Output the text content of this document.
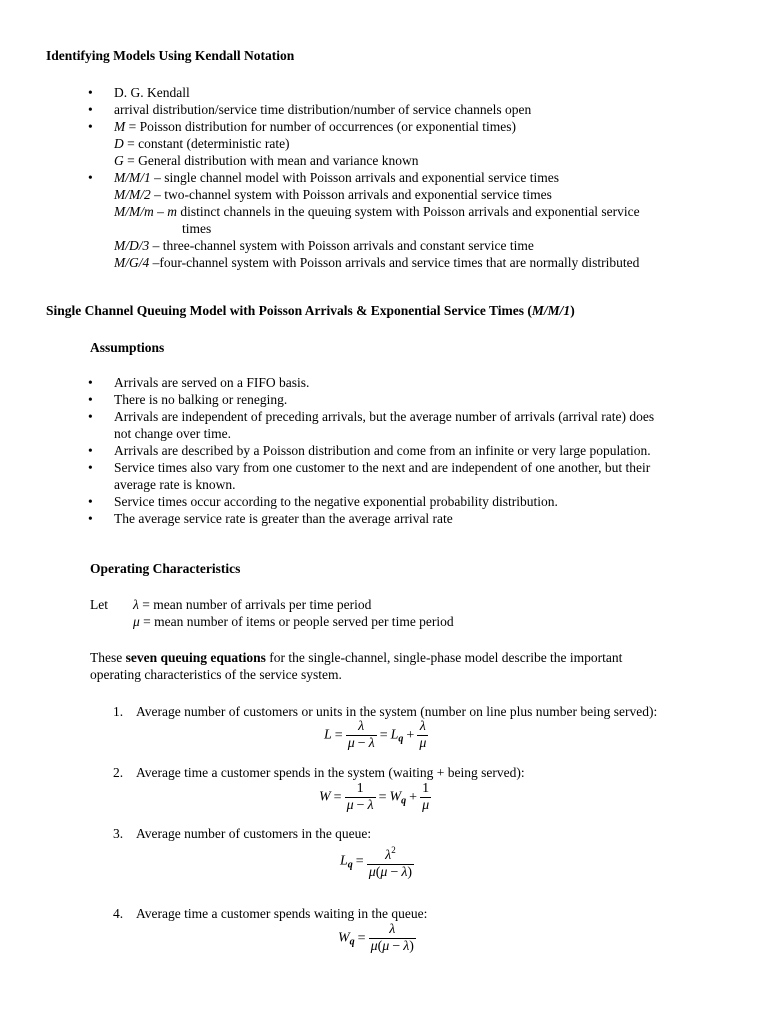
Identifying Models Using Kendall Notation
• D. G. Kendall
• arrival distribution/service time distribution/number of service channels open
• M = Poisson distribution for number of occurrences (or exponential times)
D = constant (deterministic rate)
G = General distribution with mean and variance known
• M/M/1 – single channel model with Poisson arrivals and exponential service times
M/M/2 – two-channel system with Poisson arrivals and exponential service times
M/M/m – m distinct channels in the queuing system with Poisson arrivals and exponential service
times
M/D/3 – three-channel system with Poisson arrivals and constant service time
M/G/4 –four-channel system with Poisson arrivals and service times that are normally distributed
Single Channel Queuing Model with Poisson Arrivals & Exponential Service Times (M/M/1)
Assumptions
• Arrivals are served on a FIFO basis.
• There is no balking or reneging.
• Arrivals are independent of preceding arrivals, but the average number of arrivals (arrival rate) does
not change over time.
• Arrivals are described by a Poisson distribution and come from an infinite or very large population.
• Service times also vary from one customer to the next and are independent of one another, but their
average rate is known.
• Service times occur according to the negative exponential probability distribution.
• The average service rate is greater than the average arrival rate
Operating Characteristics
Let λ = mean number of arrivals per time period
μ = mean number of items or people served per time period
These seven queuing equations for the single-channel, single-phase model describe the important
operating characteristics of the service system.
1. Average number of customers or units in the system (number on line plus number being served):
$L = \frac{\lambda}{\mu - \lambda} = L_q + \frac{\lambda}{\mu}$
2. Average time a customer spends in the system (waiting + being served):
$W = \frac{1}{\mu - \lambda} = W_q + \frac{1}{\mu}$
3. Average number of customers in the queue:
$L_q = \frac{\lambda^2}{\mu(\mu - \lambda)}$
4. Average time a customer spends waiting in the queue:
$W_q = \frac{\lambda}{\mu(\mu - \lambda)}$
